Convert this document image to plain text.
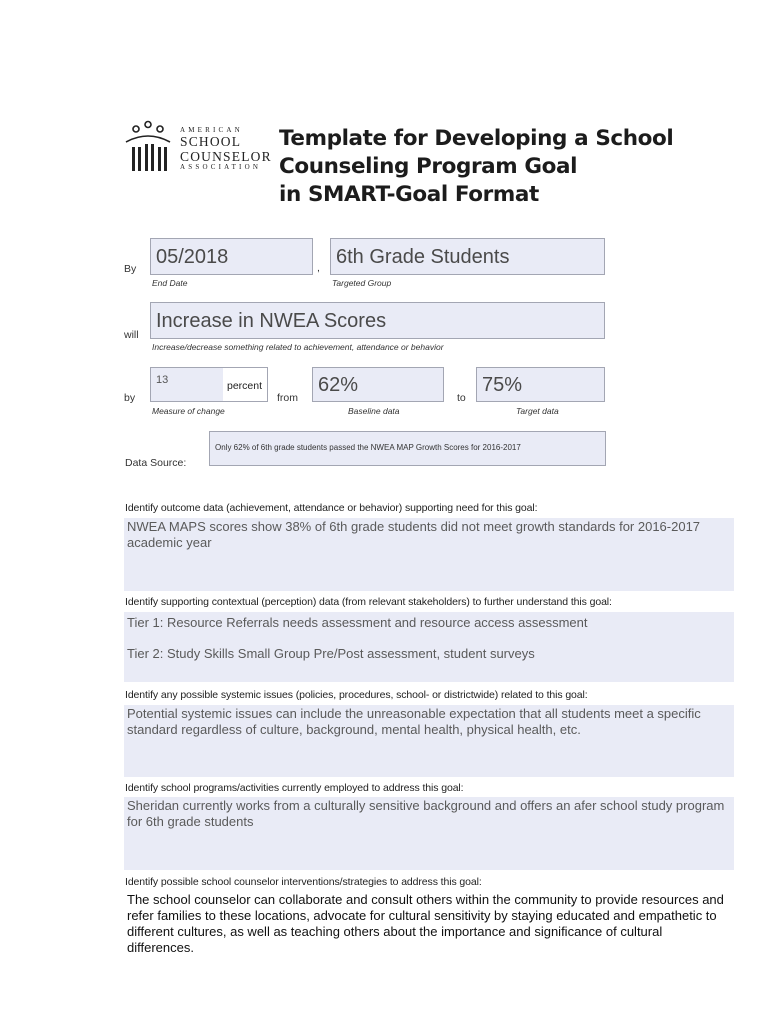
AMERICAN
SCHOOL
COUNSELOR
ASSOCIATION
Template for Developing a School
Counseling Program Goal
in SMART-Goal Format
By
05/2018
End Date
, 6th Grade Students
Targeted Group
will
Increase in NWEA Scores
Increase/decrease something related to achievement, attendance or behavior
by
13	percent
Measure of change
from
62%
Baseline data
to
75%
Target data
Data Source:
Only 62% of 6th grade students passed the NWEA MAP Growth Scores for 2016-2017
Identify outcome data (achievement, attendance or behavior) supporting need for this goal:

NWEA MAPS scores show 38% of 6th grade students did not meet growth standards for 2016-2017 academic year

Identify supporting contextual (perception) data (from relevant stakeholders) to further understand this goal:

Tier 1: Resource Referrals needs assessment and resource access assessment

Tier 2: Study Skills Small Group Pre/Post assessment, student surveys

Identify any possible systemic issues (policies, procedures, school- or districtwide) related to this goal:

Potential systemic issues can include the unreasonable expectation that all students meet a specific standard regardless of culture, background, mental health, physical health, etc.

Identify school programs/activities currently employed to address this goal:

Sheridan currently works from a culturally sensitive background and offers an afer school study program for 6th grade students

Identify possible school counselor interventions/strategies to address this goal:

The school counselor can collaborate and consult others within the community to provide resources and refer families to these locations, advocate for cultural sensitivity by staying educated and empathetic to different cultures, as well as teaching others about the importance and significance of cultural differences.
